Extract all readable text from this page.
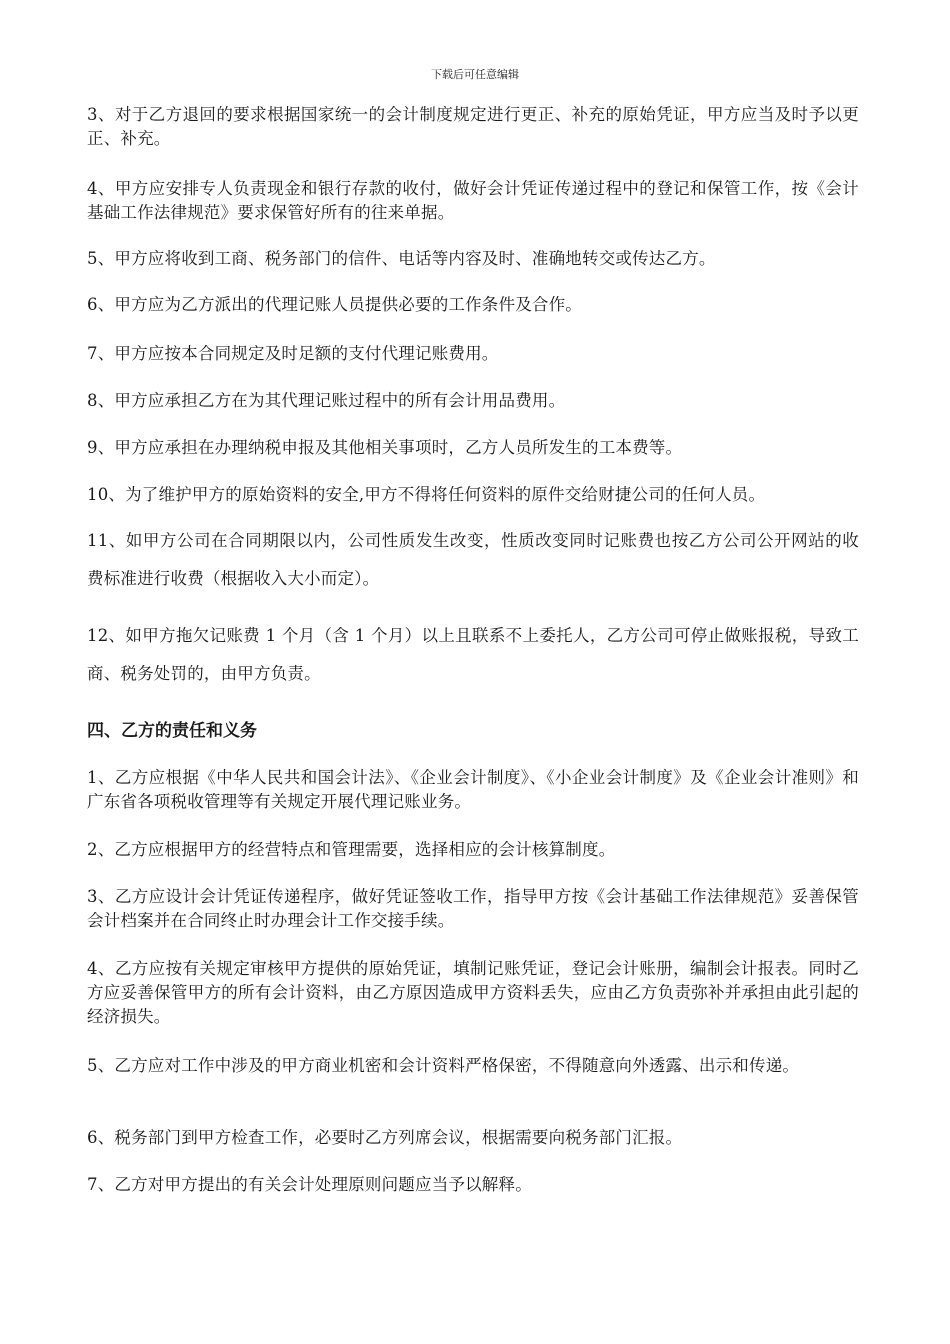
下载后可任意编辑

3、对于乙方退回的要求根据国家统一的会计制度规定进行更正、补充的原始凭证，甲方应当及时予以更正、补充。

4、甲方应安排专人负责现金和银行存款的收付，做好会计凭证传递过程中的登记和保管工作，按《会计基础工作法律规范》要求保管好所有的往来单据。

5、甲方应将收到工商、税务部门的信件、电话等内容及时、准确地转交或传达乙方。

6、甲方应为乙方派出的代理记账人员提供必要的工作条件及合作。

7、甲方应按本合同规定及时足额的支付代理记账费用。

8、甲方应承担乙方在为其代理记账过程中的所有会计用品费用。

9、甲方应承担在办理纳税申报及其他相关事项时，乙方人员所发生的工本费等。

10、为了维护甲方的原始资料的安全,甲方不得将任何资料的原件交给财捷公司的任何人员。

11、如甲方公司在合同期限以内，公司性质发生改变，性质改变同时记账费也按乙方公司公开网站的收费标准进行收费（根据收入大小而定）。

12、如甲方拖欠记账费 1 个月（含 1 个月）以上且联系不上委托人，乙方公司可停止做账报税，导致工商、税务处罚的，由甲方负责。

四、乙方的责任和义务

1、乙方应根据《中华人民共和国会计法》、《企业会计制度》、《小企业会计制度》及《企业会计准则》和广东省各项税收管理等有关规定开展代理记账业务。

2、乙方应根据甲方的经营特点和管理需要，选择相应的会计核算制度。

3、乙方应设计会计凭证传递程序，做好凭证签收工作，指导甲方按《会计基础工作法律规范》妥善保管会计档案并在合同终止时办理会计工作交接手续。

4、乙方应按有关规定审核甲方提供的原始凭证，填制记账凭证，登记会计账册，编制会计报表。同时乙方应妥善保管甲方的所有会计资料，由乙方原因造成甲方资料丢失，应由乙方负责弥补并承担由此引起的经济损失。

5、乙方应对工作中涉及的甲方商业机密和会计资料严格保密，不得随意向外透露、出示和传递。

6、税务部门到甲方检查工作，必要时乙方列席会议，根据需要向税务部门汇报。

7、乙方对甲方提出的有关会计处理原则问题应当予以解释。
